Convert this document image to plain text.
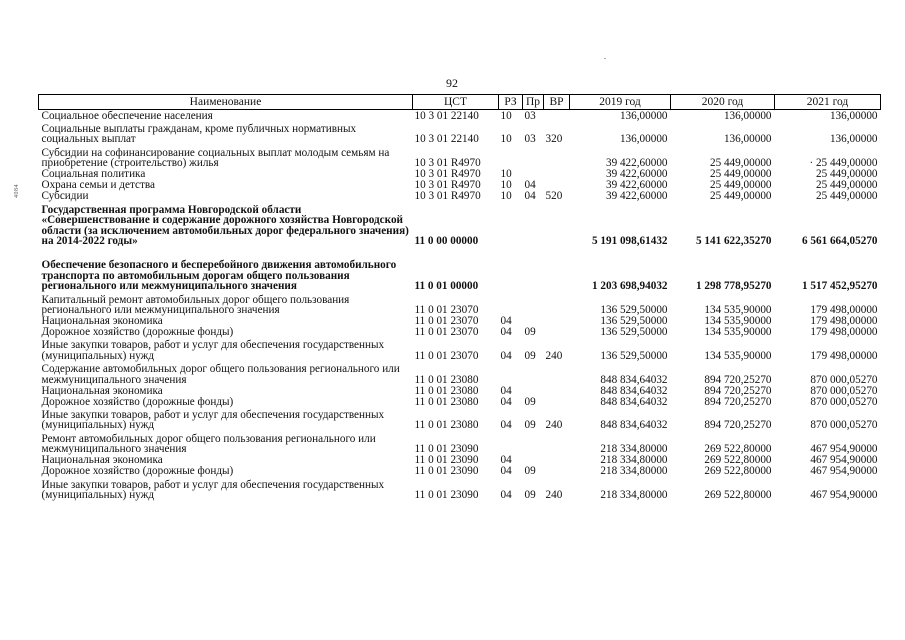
92
4084
Наименование	ЦСТ	РЗ	Пр	ВР	2019 год	2020 год	2021 год
Социальное обеспечение населения	10 3 01 22140	10	03		136,00000	136,00000	136,00000
Социальные выплаты гражданам, кроме публичных нормативных социальных выплат	10 3 01 22140	10	03	320	136,00000	136,00000	136,00000
Субсидии на софинансирование социальных выплат молодым семьям на приобретение (строительство) жилья	10 3 01 R4970				39 422,60000	25 449,00000	· 25 449,00000
Социальная политика	10 3 01 R4970	10			39 422,60000	25 449,00000	25 449,00000
Охрана семьи и детства	10 3 01 R4970	10	04		39 422,60000	25 449,00000	25 449,00000
Субсидии	10 3 01 R4970	10	04	520	39 422,60000	25 449,00000	25 449,00000
Государственная программа Новгородской области «Совершенствование и содержание дорожного хозяйства Новгородской области (за исключением автомобильных дорог федерального значения) на 2014-2022 годы»	11 0 00 00000				5 191 098,61432	5 141 622,35270	6 561 664,05270
Обеспечение безопасного и бесперебойного движения автомобильного транспорта по автомобильным дорогам общего пользования регионального или межмуниципального значения	11 0 01 00000				1 203 698,94032	1 298 778,95270	1 517 452,95270
Капитальный ремонт автомобильных дорог общего пользования регионального или межмуниципального значения	11 0 01 23070				136 529,50000	134 535,90000	179 498,00000
Национальная экономика	11 0 01 23070	04			136 529,50000	134 535,90000	179 498,00000
Дорожное хозяйство (дорожные фонды)	11 0 01 23070	04	09		136 529,50000	134 535,90000	179 498,00000
Иные закупки товаров, работ и услуг для обеспечения государственных (муниципальных) нужд	11 0 01 23070	04	09	240	136 529,50000	134 535,90000	179 498,00000
Содержание автомобильных дорог общего пользования регионального или межмуниципального значения	11 0 01 23080				848 834,64032	894 720,25270	870 000,05270
Национальная экономика	11 0 01 23080	04			848 834,64032	894 720,25270	870 000,05270
Дорожное хозяйство (дорожные фонды)	11 0 01 23080	04	09		848 834,64032	894 720,25270	870 000,05270
Иные закупки товаров, работ и услуг для обеспечения государственных (муниципальных) нужд	11 0 01 23080	04	09	240	848 834,64032	894 720,25270	870 000,05270
Ремонт автомобильных дорог общего пользования регионального или межмуниципального значения	11 0 01 23090				218 334,80000	269 522,80000	467 954,90000
Национальная экономика	11 0 01 23090	04			218 334,80000	269 522,80000	467 954,90000
Дорожное хозяйство (дорожные фонды)	11 0 01 23090	04	09		218 334,80000	269 522,80000	467 954,90000
Иные закупки товаров, работ и услуг для обеспечения государственных (муниципальных) нужд	11 0 01 23090	04	09	240	218 334,80000	269 522,80000	467 954,90000
